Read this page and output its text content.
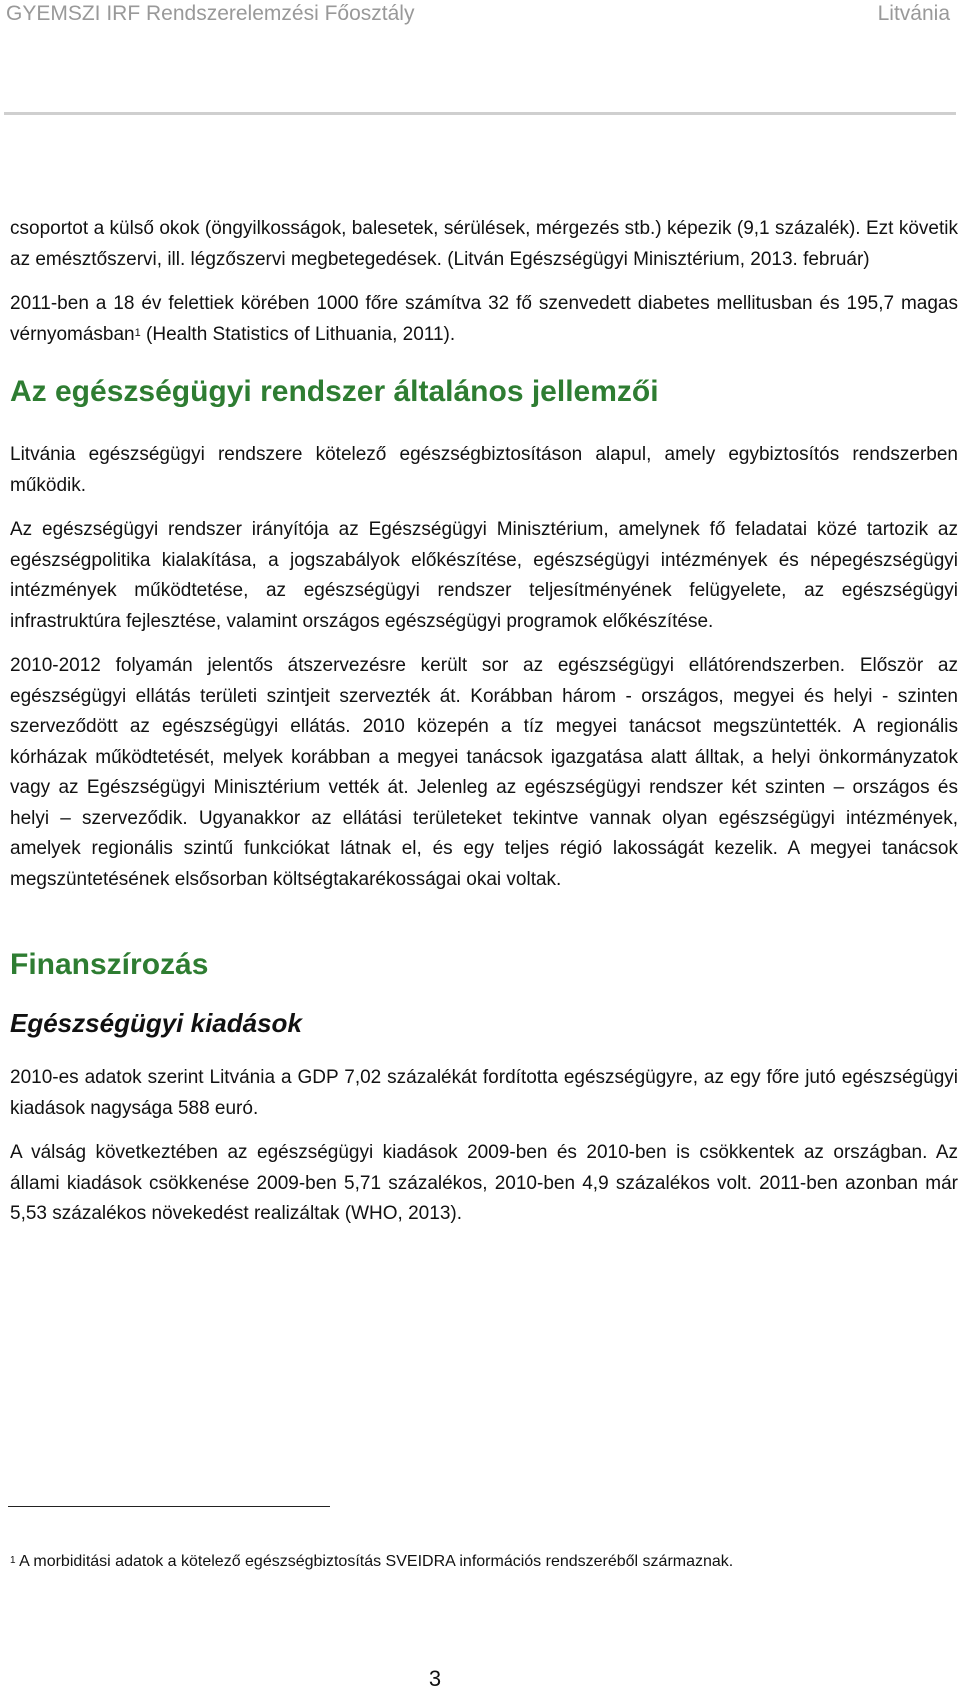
GYEMSZI IRF Rendszerelemzési Főosztály	Litvánia

csoportot a külső okok (öngyilkosságok, balesetek, sérülések, mérgezés stb.) képezik (9,1 százalék). Ezt követik az emésztőszervi, ill. légzőszervi megbetegedések. (Litván Egészségügyi Minisztérium, 2013. február)

2011-ben a 18 év felettiek körében 1000 főre számítva 32 fő szenvedett diabetes mellitusban és 195,7 magas vérnyomásban$^1$ (Health Statistics of Lithuania, 2011).

Az egészségügyi rendszer általános jellemzői

Litvánia egészségügyi rendszere kötelező egészségbiztosításon alapul, amely egybiztosítós rendszerben működik.

Az egészségügyi rendszer irányítója az Egészségügyi Minisztérium, amelynek fő feladatai közé tartozik az egészségpolitika kialakítása, a jogszabályok előkészítése, egészségügyi intézmények és népegészségügyi intézmények működtetése, az egészségügyi rendszer teljesítményének felügyelete, az egészségügyi infrastruktúra fejlesztése, valamint országos egészségügyi programok előkészítése.

2010-2012 folyamán jelentős átszervezésre került sor az egészségügyi ellátórendszerben. Először az egészségügyi ellátás területi szintjeit szervezték át. Korábban három - országos, megyei és helyi - szinten szerveződött az egészségügyi ellátás. 2010 közepén a tíz megyei tanácsot megszüntették. A regionális kórházak működtetését, melyek korábban a megyei tanácsok igazgatása alatt álltak, a helyi önkormányzatok vagy az Egészségügyi Minisztérium vették át. Jelenleg az egészségügyi rendszer két szinten – országos és helyi – szerveződik. Ugyanakkor az ellátási területeket tekintve vannak olyan egészségügyi intézmények, amelyek regionális szintű funkciókat látnak el, és egy teljes régió lakosságát kezelik. A megyei tanácsok megszüntetésének elsősorban költségtakarékosságai okai voltak.

Finanszírozás
Egészségügyi kiadások

2010-es adatok szerint Litvánia a GDP 7,02 százalékát fordította egészségügyre, az egy főre jutó egészségügyi kiadások nagysága 588 euró.

A válság következtében az egészségügyi kiadások 2009-ben és 2010-ben is csökkentek az országban. Az állami kiadások csökkenése 2009-ben 5,71 százalékos, 2010-ben 4,9 százalékos volt. 2011-ben azonban már 5,53 százalékos növekedést realizáltak (WHO, 2013).

$^1$ A morbiditási adatok a kötelező egészségbiztosítás SVEIDRA információs rendszeréből származnak.
3
